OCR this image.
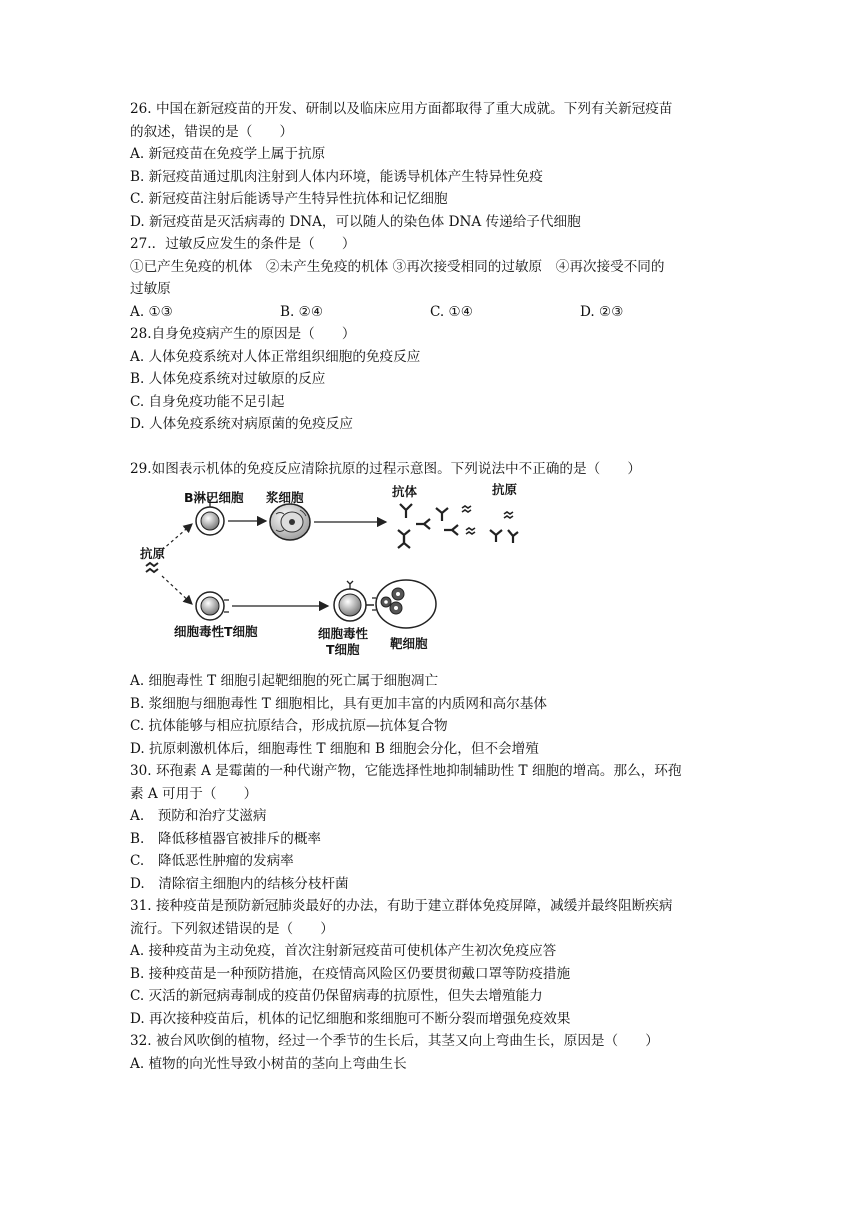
26. 中国在新冠疫苗的开发、研制以及临床应用方面都取得了重大成就。下列有关新冠疫苗
的叙述，错误的是（　　）
A. 新冠疫苗在免疫学上属于抗原
B. 新冠疫苗通过肌肉注射到人体内环境，能诱导机体产生特异性免疫
C. 新冠疫苗注射后能诱导产生特异性抗体和记忆细胞
D. 新冠疫苗是灭活病毒的 DNA，可以随人的染色体 DNA 传递给子代细胞
27.．过敏反应发生的条件是（　　）
①已产生免疫的机体　②未产生免疫的机体 ③再次接受相同的过敏原　④再次接受不同的
过敏原
A. ①③	B. ②④	C. ①④	D. ②③
28.自身免疫病产生的原因是（　　）
A. 人体免疫系统对人体正常组织细胞的免疫反应
B. 人体免疫系统对过敏原的反应
C. 自身免疫功能不足引起
D. 人体免疫系统对病原菌的免疫反应
29.如图表示机体的免疫反应清除抗原的过程示意图。下列说法中不正确的是（　　）
B淋巴细胞 浆细胞	抗体	抗原
抗原
细胞毒性T细胞	细胞毒性
T细胞 靶细胞
A. 细胞毒性 T 细胞引起靶细胞的死亡属于细胞凋亡
B. 浆细胞与细胞毒性 T 细胞相比，具有更加丰富的内质网和高尔基体
C. 抗体能够与相应抗原结合，形成抗原—抗体复合物
D. 抗原刺激机体后，细胞毒性 T 细胞和 B 细胞会分化，但不会增殖
30. 环孢素 A 是霉菌的一种代谢产物，它能选择性地抑制辅助性 T 细胞的增高。那么，环孢
素 A 可用于（　　）
A.　预防和治疗艾滋病
B.　降低移植器官被排斥的概率
C.　降低恶性肿瘤的发病率
D.　清除宿主细胞内的结核分枝杆菌
31. 接种疫苗是预防新冠肺炎最好的办法，有助于建立群体免疫屏障，减缓并最终阻断疾病
流行。下列叙述错误的是（　　）
A. 接种疫苗为主动免疫，首次注射新冠疫苗可使机体产生初次免疫应答
B. 接种疫苗是一种预防措施，在疫情高风险区仍要贯彻戴口罩等防疫措施
C. 灭活的新冠病毒制成的疫苗仍保留病毒的抗原性，但失去增殖能力
D. 再次接种疫苗后，机体的记忆细胞和浆细胞可不断分裂而增强免疫效果
32. 被台风吹倒的植物，经过一个季节的生长后，其茎又向上弯曲生长，原因是（　　）
A. 植物的向光性导致小树苗的茎向上弯曲生长
